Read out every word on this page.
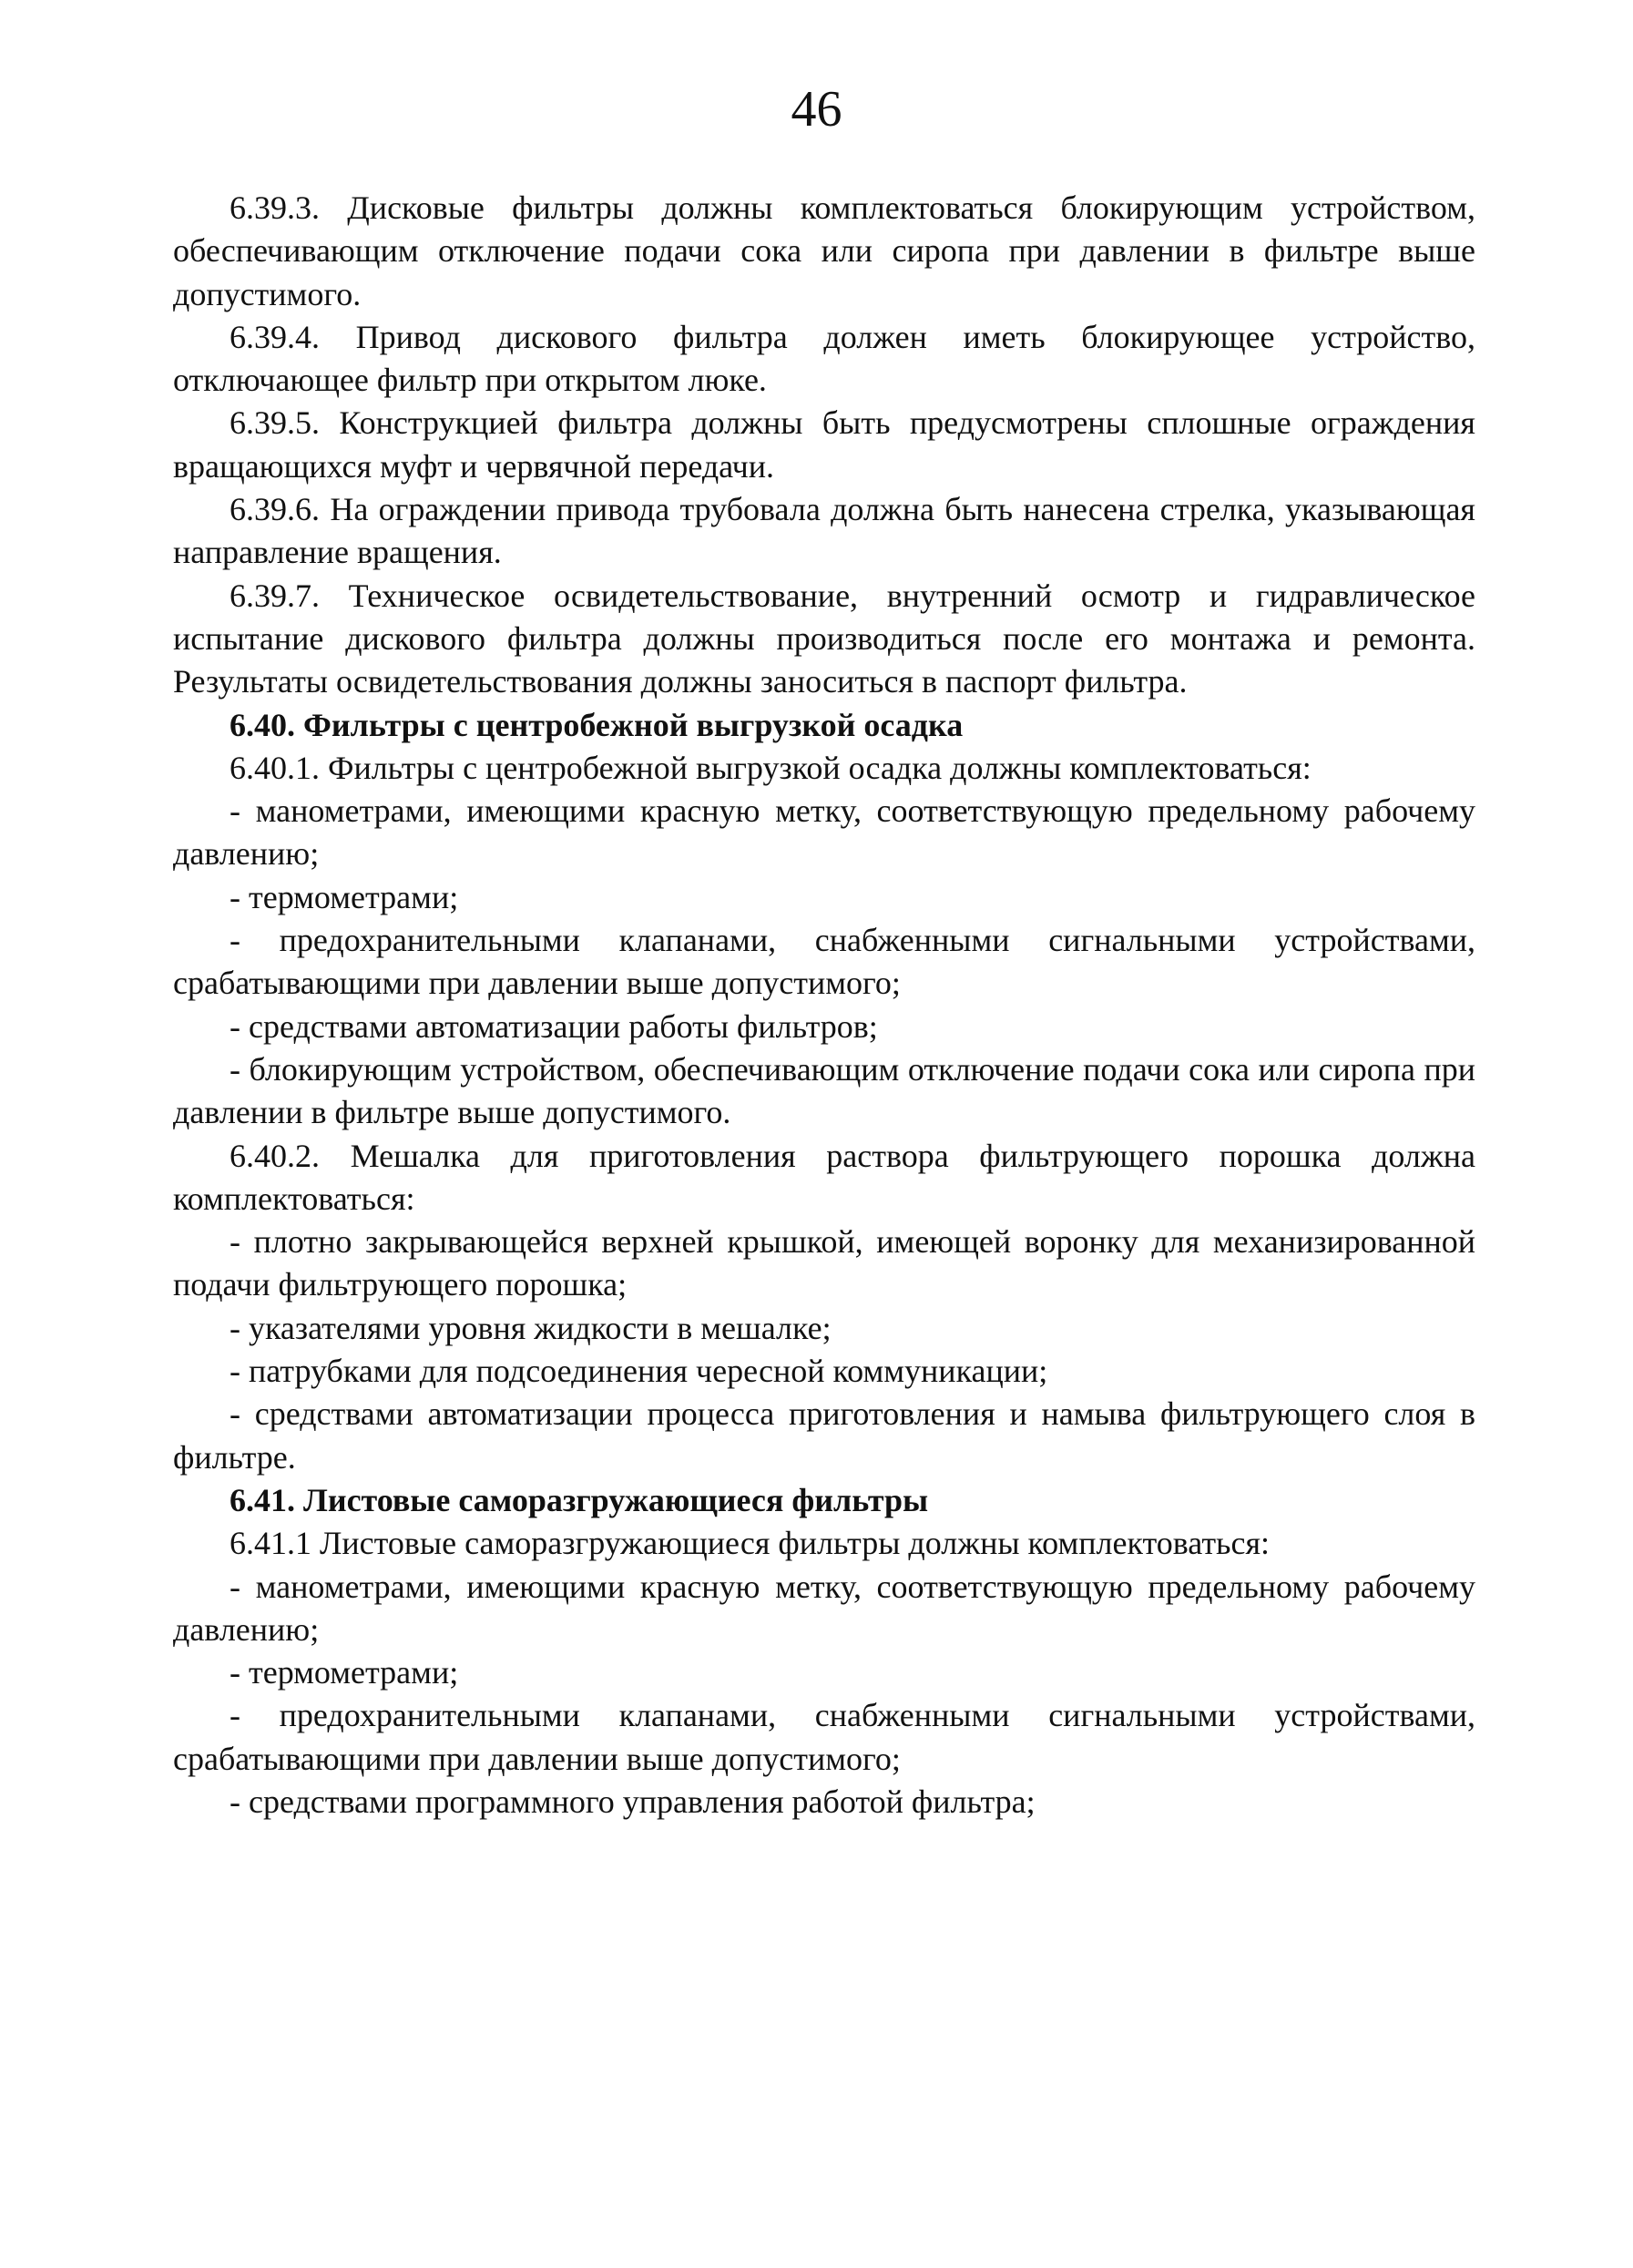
46

6.39.3. Дисковые фильтры должны комплектоваться блокирующим устройством, обеспечивающим отключение подачи сока или сиропа при давлении в фильтре выше допустимого.

6.39.4. Привод дискового фильтра должен иметь блокирующее устройство, отключающее фильтр при открытом люке.

6.39.5. Конструкцией фильтра должны быть предусмотрены сплошные ограждения вращающихся муфт и червячной передачи.

6.39.6. На ограждении привода трубовала должна быть нанесена стрелка, указывающая направление вращения.

6.39.7. Техническое освидетельствование, внутренний осмотр и гидравлическое испытание дискового фильтра должны производиться после его монтажа и ремонта. Результаты освидетельствования должны заноситься в паспорт фильтра.

6.40. Фильтры с центробежной выгрузкой осадка

6.40.1. Фильтры с центробежной выгрузкой осадка должны комплектоваться:

- манометрами, имеющими красную метку, соответствующую предельному рабочему давлению;

- термометрами;

- предохранительными клапанами, снабженными сигнальными устройствами, срабатывающими при давлении выше допустимого;

- средствами автоматизации работы фильтров;

- блокирующим устройством, обеспечивающим отключение подачи сока или сиропа при давлении в фильтре выше допустимого.

6.40.2. Мешалка для приготовления раствора фильтрующего порошка должна комплектоваться:

- плотно закрывающейся верхней крышкой, имеющей воронку для механизированной подачи фильтрующего порошка;

- указателями уровня жидкости в мешалке;

- патрубками для подсоединения чересной коммуникации;

- средствами автоматизации процесса приготовления и намыва фильтрующего слоя в фильтре.

6.41. Листовые саморазгружающиеся фильтры

6.41.1 Листовые саморазгружающиеся фильтры должны комплектоваться:

- манометрами, имеющими красную метку, соответствующую предельному рабочему давлению;

- термометрами;

- предохранительными клапанами, снабженными сигнальными устройствами, срабатывающими при давлении выше допустимого;

- средствами программного управления работой фильтра;
